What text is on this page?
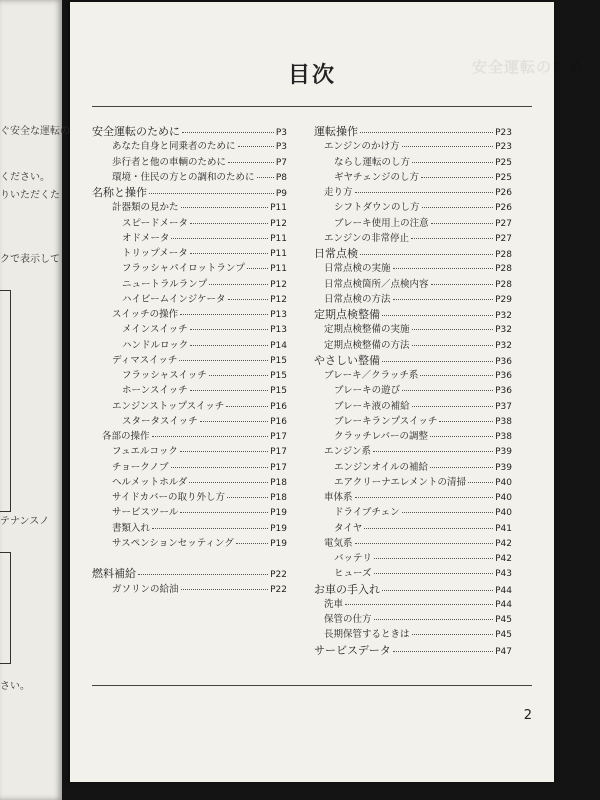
ぐ安全な運転の
ください。
りいただくた
クで表示して
テナンスノ
さい。
安全運転のため
目次
安全運転のために	P3
あなた自身と同乗者のために	P3
歩行者と他の車輌のために	P7
環境・住民の方との調和のために P8
名称と操作	P9
計器類の見かた	P11
スピードメータ	P12
オドメータ	P11
トリップメータ	P11
フラッシャパイロットランプ	P11
ニュートラルランプ	P12
ハイビームインジケータ	P12
スイッチの操作	P13
メインスイッチ	P13
ハンドルロック	P14
ディマスイッチ	P15
フラッシャスイッチ	P15
ホーンスイッチ	P15
エンジンストップスイッチ	P16
スタータスイッチ	P16
各部の操作	P17
フュエルコック	P17
チョークノブ	P17
ヘルメットホルダ	P18
サイドカバーの取り外し方	P18
サービスツール	P19
書類入れ	P19
サスペンションセッティング	P19
燃料補給	P22
ガソリンの給油	P22
運転操作	P23
エンジンのかけ方	P23
ならし運転のし方	P25
ギヤチェンジのし方	P25
走り方	P26
シフトダウンのし方	P26
ブレーキ使用上の注意	P27
エンジンの非常停止	P27
日常点検	P28
日常点検の実施	P28
日常点検箇所／点検内容	P28
日常点検の方法	P29
定期点検整備	P32
定期点検整備の実施	P32
定期点検整備の方法	P32
やさしい整備	P36
ブレーキ／クラッチ系	P36
ブレーキの遊び	P36
ブレーキ液の補給	P37
ブレーキランプスイッチ	P38
クラッチレバーの調整	P38
エンジン系	P39
エンジンオイルの補給	P39
エアクリーナエレメントの清掃	P40
車体系	P40
ドライブチェン	P40
タイヤ	P41
電気系	P42
バッテリ	P42
ヒューズ	P43
お車の手入れ	P44
洗車	P44
保管の仕方	P45
長期保管するときは	P45
サービスデータ	P47
2
